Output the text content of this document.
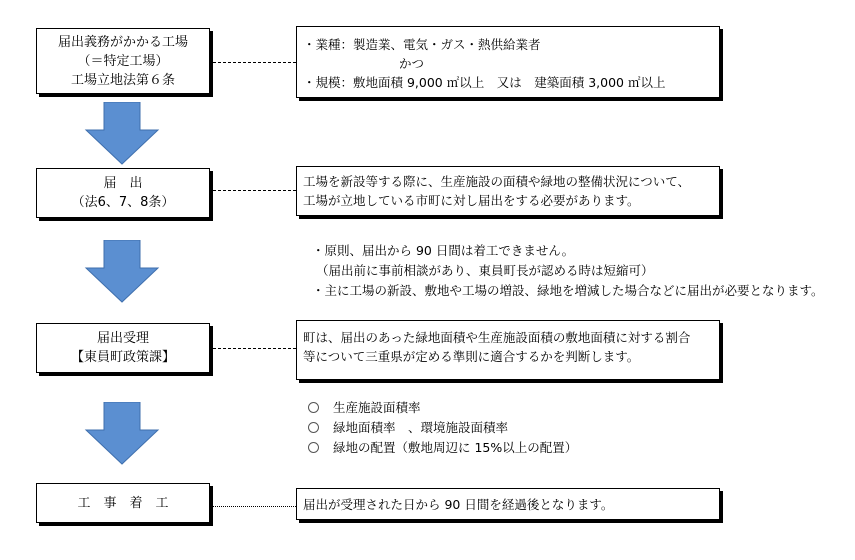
届出義務がかかる工場
（＝特定工場）
工場立地法第６条
・業種：製造業、電気・ガス・熱供給業者
かつ
・規模：敷地面積 9,000 ㎡以上　又は　建築面積 3,000 ㎡以上
届　出
（法6、7、8条）
工場を新設等する際に、生産施設の面積や緑地の整備状況について、
工場が立地している市町に対し届出をする必要があります。
・原則、届出から 90 日間は着工できません。
（届出前に事前相談があり、東員町長が認める時は短縮可）
・主に工場の新設、敷地や工場の増設、緑地を増減した場合などに届出が必要となります。
届出受理
【東員町政策課】
町は、届出のあった緑地面積や生産施設面積の敷地面積に対する割合
等について三重県が定める準則に適合するかを判断します。
生産施設面積率
緑地面積率　、環境施設面積率
緑地の配置（敷地周辺に 15%以上の配置）
工　事　着　工	届出が受理された日から 90 日間を経過後となります。
